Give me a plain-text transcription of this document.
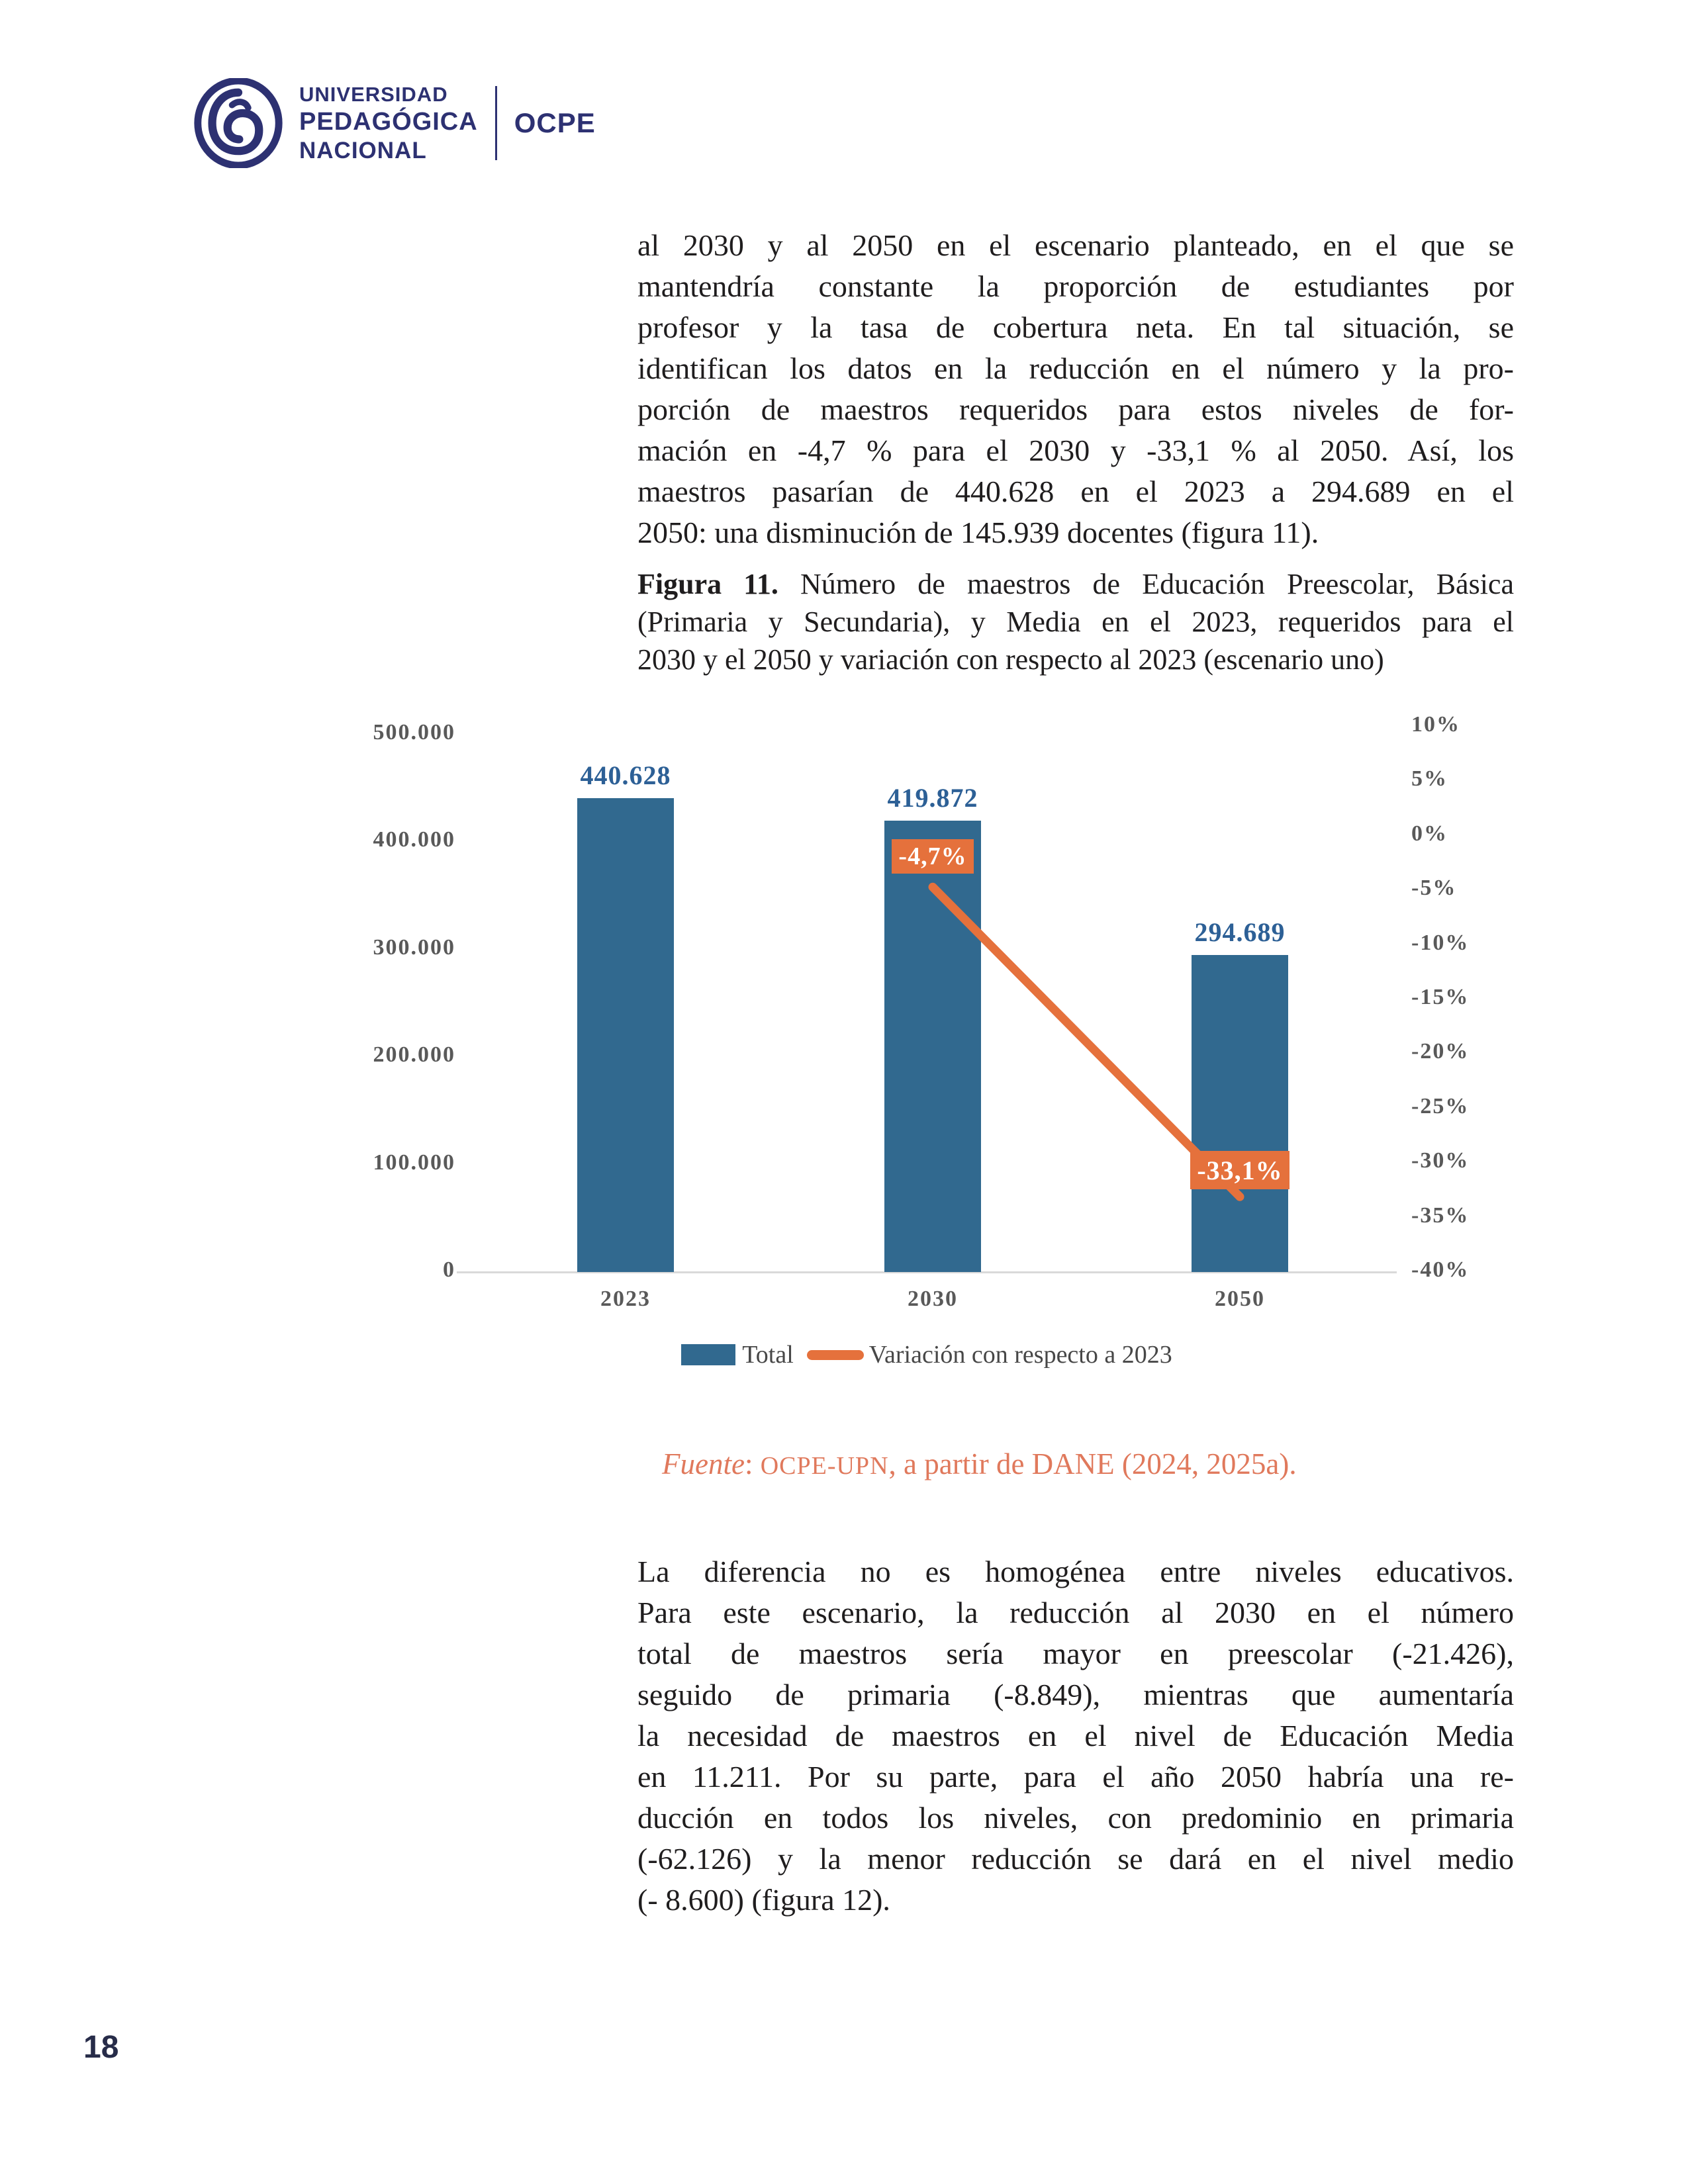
UNIVERSIDAD
PEDAGÓGICA
NACIONAL
OCPE
al 2030 y al 2050 en el escenario planteado, en el que se
mantendría constante la proporción de estudiantes por
profesor y la tasa de cobertura neta. En tal situación, se
identifican los datos en la reducción en el número y la pro-
porción de maestros requeridos para estos niveles de for-
mación en -4,7 % para el 2030 y -33,1 % al 2050. Así, los
maestros pasarían de 440.628 en el 2023 a 294.689 en el
2050: una disminución de 145.939 docentes (figura 11).
Figura 11. Número de maestros de Educación Preescolar, Básica
(Primaria y Secundaria), y Media en el 2023, requeridos para el
2030 y el 2050 y variación con respecto al 2023 (escenario uno)
500.000
400.000
300.000
200.000
100.000
0
10%
5%
0%
-5%
-10%
-15%
-20%
-25%
-30%
-35%
-40%
440.628
2023
419.872
2030
294.689
2050
-4,7%
-33,1%
Total	Variación con respecto a 2023
Fuente: OCPE-UPN, a partir de DANE (2024, 2025a).
La diferencia no es homogénea entre niveles educativos.
Para este escenario, la reducción al 2030 en el número
total de maestros sería mayor en preescolar (-21.426),
seguido de primaria (-8.849), mientras que aumentaría
la necesidad de maestros en el nivel de Educación Media
en 11.211. Por su parte, para el año 2050 habría una re-
ducción en todos los niveles, con predominio en primaria
(-62.126) y la menor reducción se dará en el nivel medio
(- 8.600) (figura 12).
18
